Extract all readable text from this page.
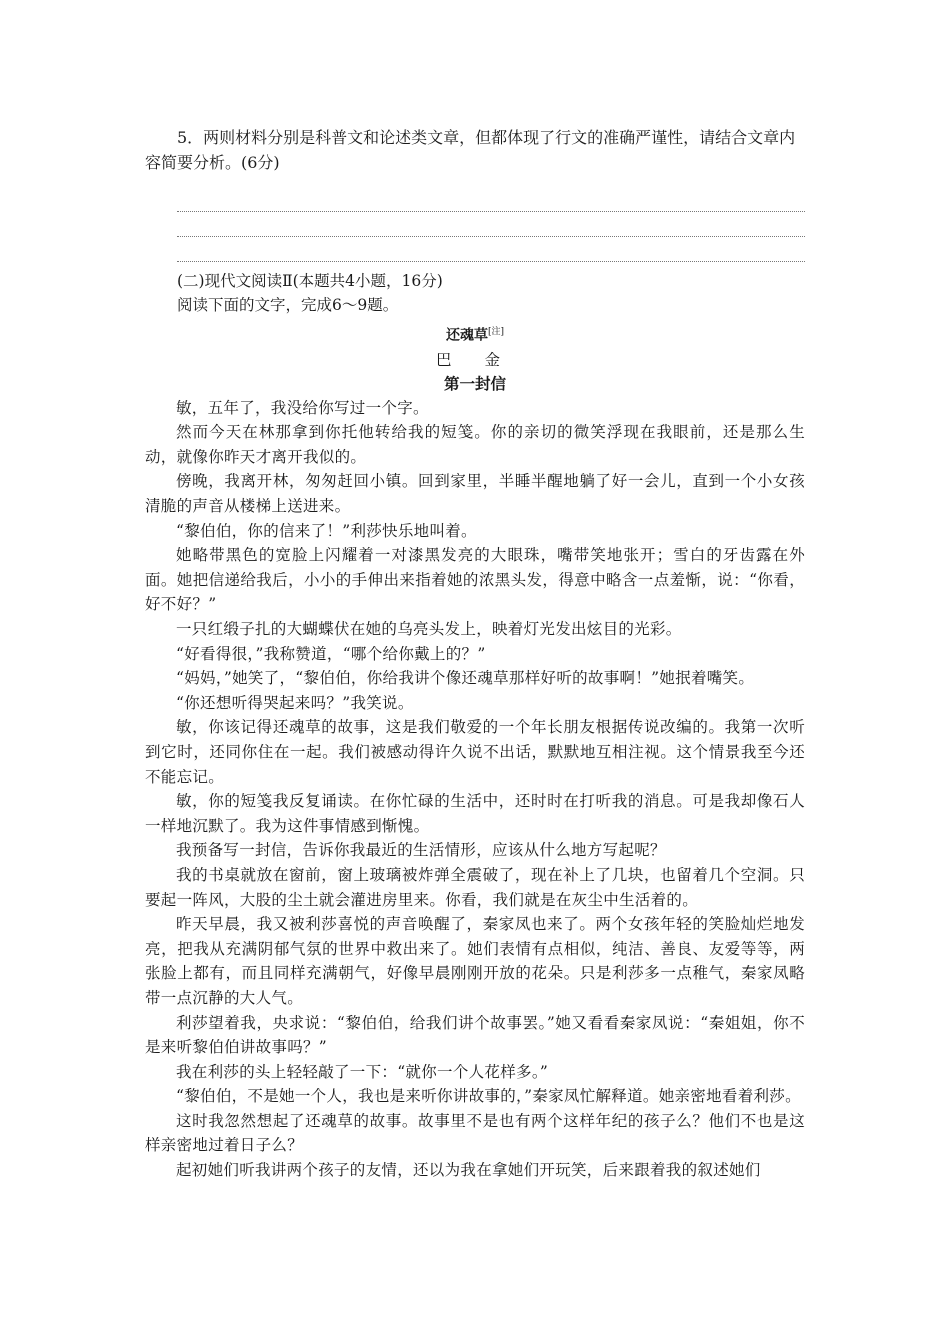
5．两则材料分别是科普文和论述类文章，但都体现了行文的准确严谨性，请结合文章内容简要分析。(6分)

(二)现代文阅读Ⅱ(本题共4小题，16分)

阅读下面的文字，完成6～9题。

还魂草[注]

巴 金

第一封信

敏，五年了，我没给你写过一个字。

然而今天在林那拿到你托他转给我的短笺。你的亲切的微笑浮现在我眼前，还是那么生动，就像你昨天才离开我似的。

傍晚，我离开林，匆匆赶回小镇。回到家里，半睡半醒地躺了好一会儿，直到一个小女孩清脆的声音从楼梯上送进来。

“黎伯伯，你的信来了！”利莎快乐地叫着。

她略带黑色的宽脸上闪耀着一对漆黑发亮的大眼珠，嘴带笑地张开；雪白的牙齿露在外面。她把信递给我后，小小的手伸出来指着她的浓黑头发，得意中略含一点羞惭，说：“你看，好不好？”

一只红缎子扎的大蝴蝶伏在她的乌亮头发上，映着灯光发出炫目的光彩。

“好看得很，”我称赞道，“哪个给你戴上的？”

“妈妈，”她笑了，“黎伯伯，你给我讲个像还魂草那样好听的故事啊！”她抿着嘴笑。

“你还想听得哭起来吗？”我笑说。

敏，你该记得还魂草的故事，这是我们敬爱的一个年长朋友根据传说改编的。我第一次听到它时，还同你住在一起。我们被感动得许久说不出话，默默地互相注视。这个情景我至今还不能忘记。

敏，你的短笺我反复诵读。在你忙碌的生活中，还时时在打听我的消息。可是我却像石人一样地沉默了。我为这件事情感到惭愧。

我预备写一封信，告诉你我最近的生活情形，应该从什么地方写起呢？

我的书桌就放在窗前，窗上玻璃被炸弹全震破了，现在补上了几块，也留着几个空洞。只要起一阵风，大股的尘土就会灌进房里来。你看，我们就是在灰尘中生活着的。

昨天早晨，我又被利莎喜悦的声音唤醒了，秦家凤也来了。两个女孩年轻的笑脸灿烂地发亮，把我从充满阴郁气氛的世界中救出来了。她们表情有点相似，纯洁、善良、友爱等等，两张脸上都有，而且同样充满朝气，好像早晨刚刚开放的花朵。只是利莎多一点稚气，秦家凤略带一点沉静的大人气。

利莎望着我，央求说：“黎伯伯，给我们讲个故事罢。”她又看看秦家凤说：“秦姐姐，你不是来听黎伯伯讲故事吗？”

我在利莎的头上轻轻敲了一下：“就你一个人花样多。”

“黎伯伯，不是她一个人，我也是来听你讲故事的，”秦家凤忙解释道。她亲密地看着利莎。

这时我忽然想起了还魂草的故事。故事里不是也有两个这样年纪的孩子么？他们不也是这样亲密地过着日子么？

起初她们听我讲两个孩子的友情，还以为我在拿她们开玩笑，后来跟着我的叙述她们
